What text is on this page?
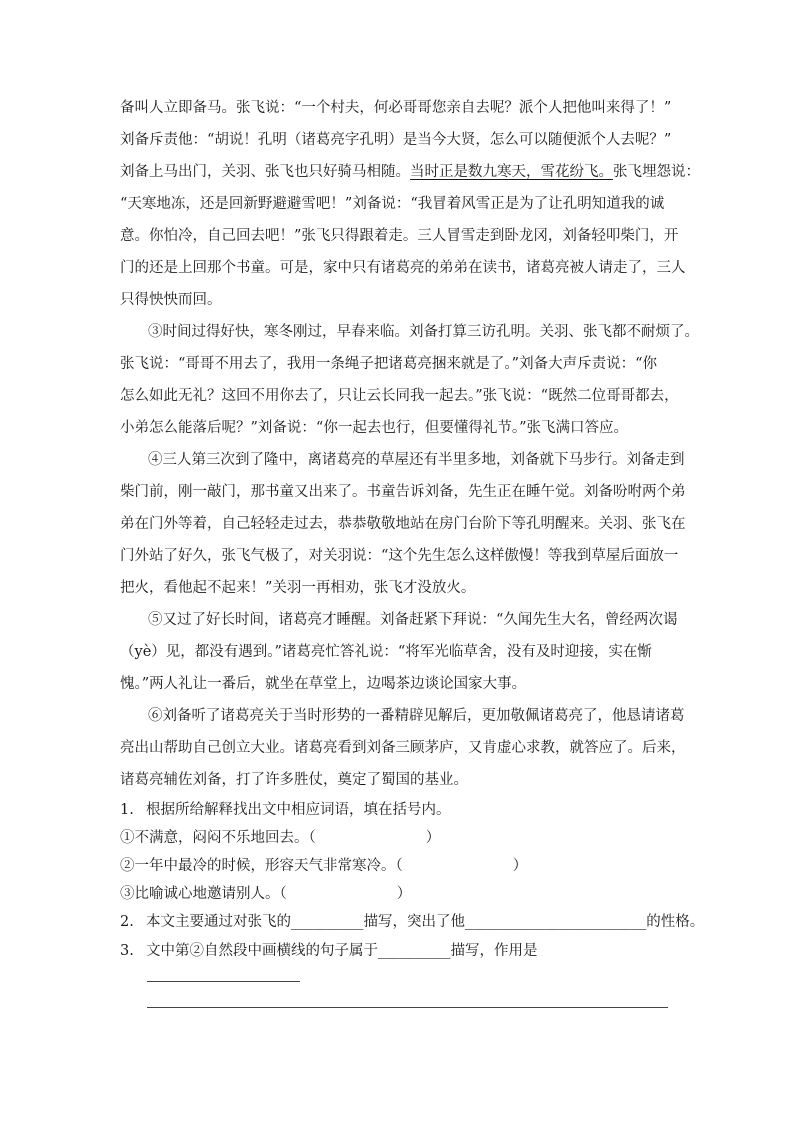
备叫人立即备马。张飞说：“一个村夫，何必哥哥您亲自去呢？派个人把他叫来得了！”
刘备斥责他：“胡说！孔明（诸葛亮字孔明）是当今大贤，怎么可以随便派个人去呢？”
刘备上马出门，关羽、张飞也只好骑马相随。当时正是数九寒天，雪花纷飞。张飞埋怨说：
“天寒地冻，还是回新野避避雪吧！”刘备说：“我冒着风雪正是为了让孔明知道我的诚
意。你怕冷，自己回去吧！”张飞只得跟着走。三人冒雪走到卧龙冈，刘备轻叩柴门，开
门的还是上回那个书童。可是，家中只有诸葛亮的弟弟在读书，诸葛亮被人请走了，三人
只得怏怏而回。
③时间过得好快，寒冬刚过，早春来临。刘备打算三访孔明。关羽、张飞都不耐烦了。
张飞说：“哥哥不用去了，我用一条绳子把诸葛亮捆来就是了。”刘备大声斥责说：“你
怎么如此无礼？这回不用你去了，只让云长同我一起去。”张飞说：“既然二位哥哥都去，
小弟怎么能落后呢？”刘备说：“你一起去也行，但要懂得礼节。”张飞满口答应。
④三人第三次到了隆中，离诸葛亮的草屋还有半里多地，刘备就下马步行。刘备走到
柴门前，刚一敲门，那书童又出来了。书童告诉刘备，先生正在睡午觉。刘备吩咐两个弟
弟在门外等着，自己轻轻走过去，恭恭敬敬地站在房门台阶下等孔明醒来。关羽、张飞在
门外站了好久，张飞气极了，对关羽说：“这个先生怎么这样傲慢！等我到草屋后面放一
把火，看他起不起来！”关羽一再相劝，张飞才没放火。
⑤又过了好长时间，诸葛亮才睡醒。刘备赶紧下拜说：“久闻先生大名，曾经两次谒
（yè）见，都没有遇到。”诸葛亮忙答礼说：“将军光临草舍，没有及时迎接，实在惭
愧。”两人礼让一番后，就坐在草堂上，边喝茶边谈论国家大事。
⑥刘备听了诸葛亮关于当时形势的一番精辟见解后，更加敬佩诸葛亮了，他恳请诸葛
亮出山帮助自己创立大业。诸葛亮看到刘备三顾茅庐，又肯虚心求教，就答应了。后来，
诸葛亮辅佐刘备，打了许多胜仗，奠定了蜀国的基业。
1. 根据所给解释找出文中相应词语，填在括号内。
①不满意，闷闷不乐地回去。（	）
②一年中最冷的时候，形容天气非常寒冷。（	）
③比喻诚心地邀请别人。（	）
2. 本文主要通过对张飞的__________描写，突出了他_________________________的性格。
3. 文中第②自然段中画横线的句子属于__________描写，作用是
